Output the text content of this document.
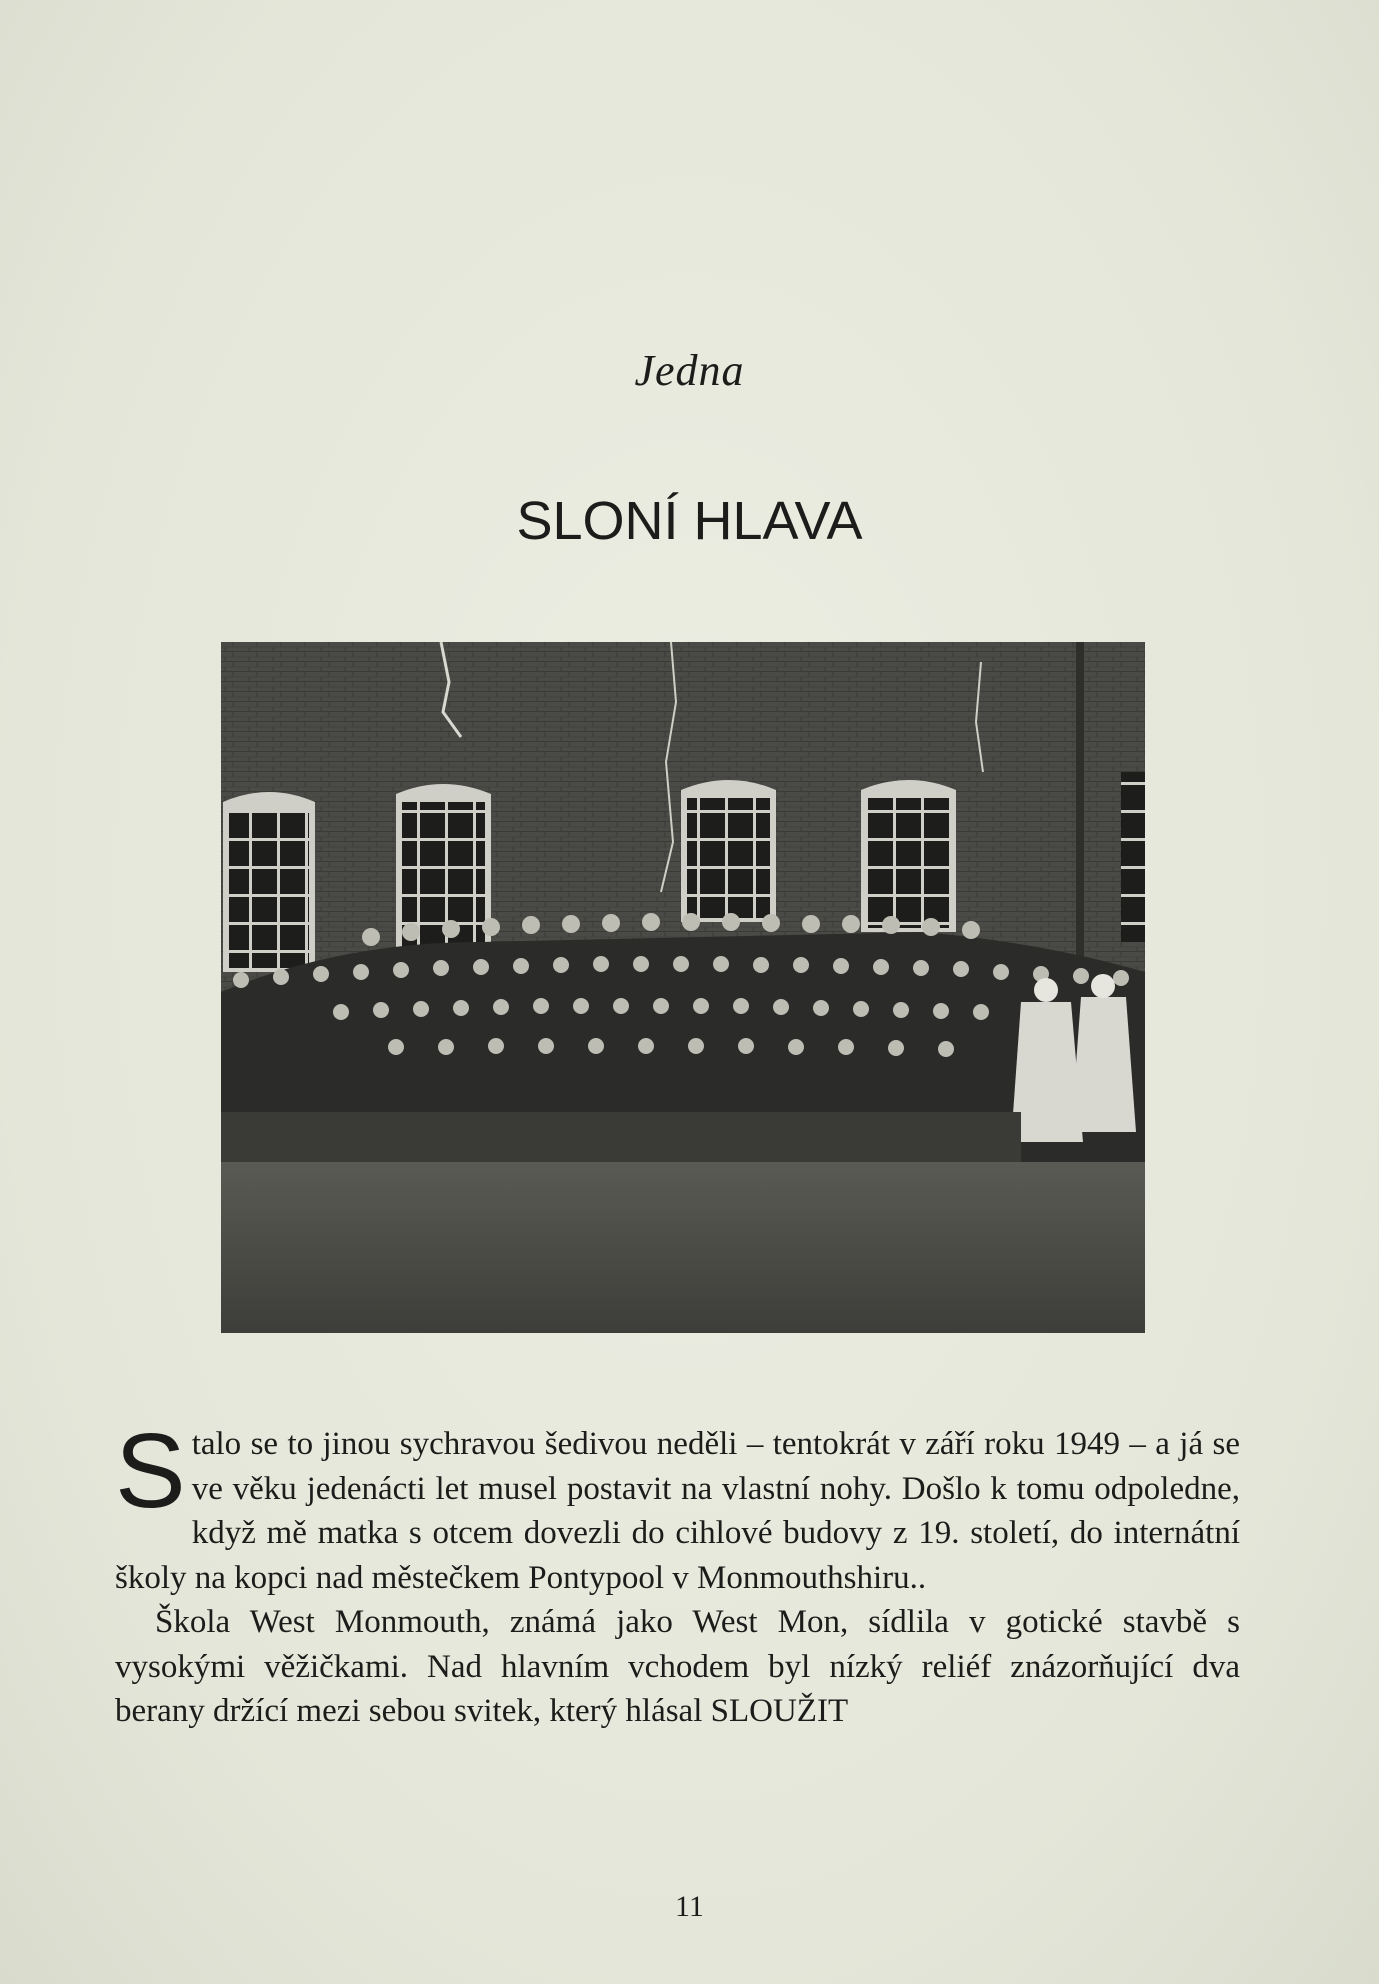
Jedna
SLONÍ HLAVA

Stalo se to jinou sychravou šedivou neděli – tentokrát v září roku 1949 – a já se ve věku jedenácti let musel postavit na vlastní nohy. Došlo k tomu odpoledne, když mě matka s otcem dovezli do cihlové budovy z 19. století, do internátní školy na kopci nad městečkem Pontypool v Monmouthshiru..

Škola West Monmouth, známá jako West Mon, sídlila v gotické stavbě s vysokými věžičkami. Nad hlavním vchodem byl nízký reliéf znázorňující dva berany držící mezi sebou svitek, který hlásal SLOUŽIT

11
